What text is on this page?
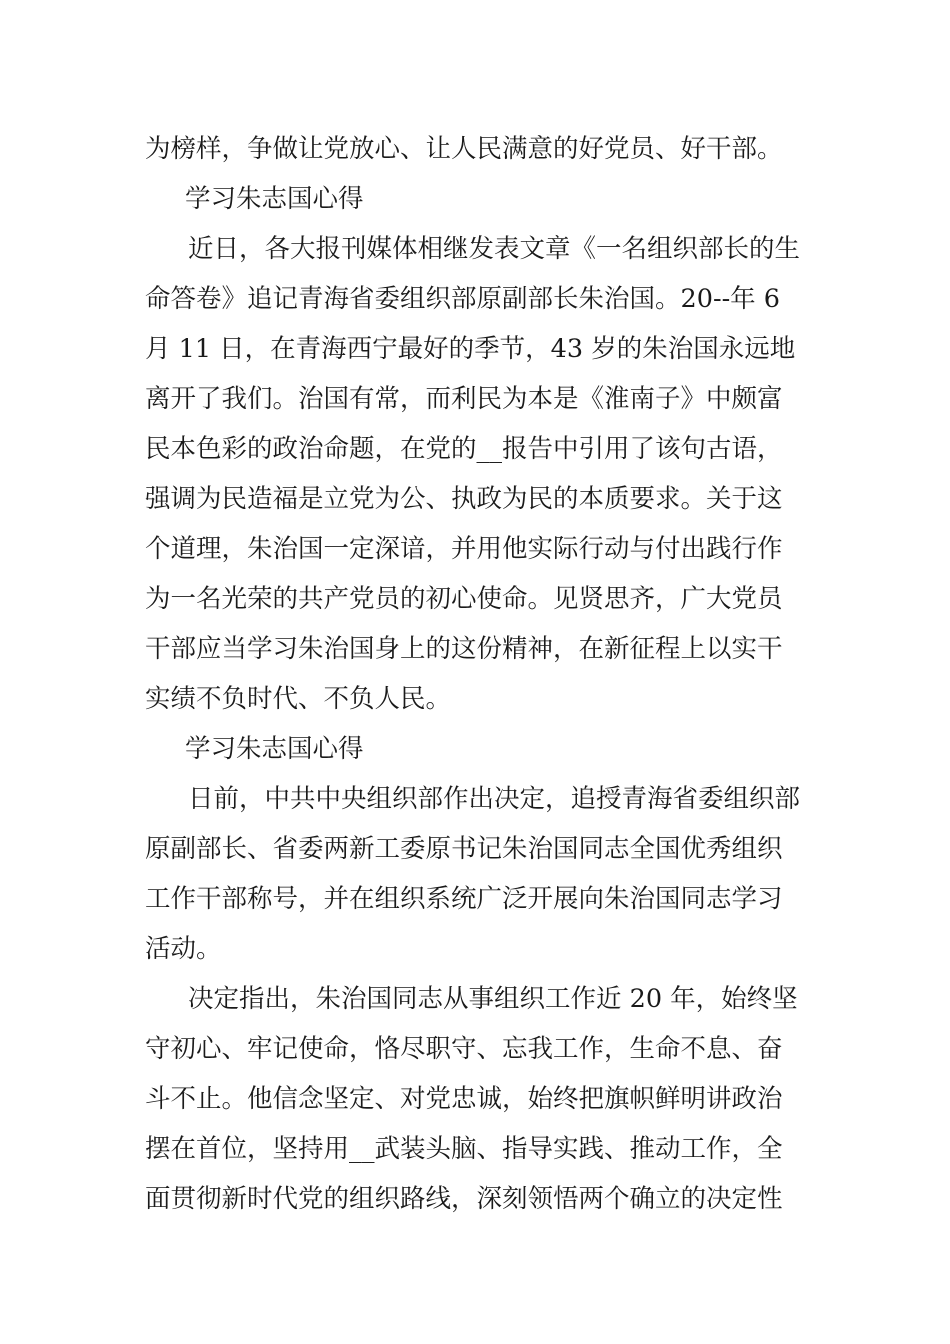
为榜样，争做让党放心、让人民满意的好党员、好干部。
学习朱志国心得
近日，各大报刊媒体相继发表文章《一名组织部长的生
命答卷》追记青海省委组织部原副部长朱治国。20--年 6
月 11 日，在青海西宁最好的季节，43 岁的朱治国永远地
离开了我们。治国有常，而利民为本是《淮南子》中颇富
民本色彩的政治命题，在党的__报告中引用了该句古语，
强调为民造福是立党为公、执政为民的本质要求。关于这
个道理，朱治国一定深谙，并用他实际行动与付出践行作
为一名光荣的共产党员的初心使命。见贤思齐，广大党员
干部应当学习朱治国身上的这份精神，在新征程上以实干
实绩不负时代、不负人民。
学习朱志国心得
日前，中共中央组织部作出决定，追授青海省委组织部
原副部长、省委两新工委原书记朱治国同志全国优秀组织
工作干部称号，并在组织系统广泛开展向朱治国同志学习
活动。
决定指出，朱治国同志从事组织工作近 20 年，始终坚
守初心、牢记使命，恪尽职守、忘我工作，生命不息、奋
斗不止。他信念坚定、对党忠诚，始终把旗帜鲜明讲政治
摆在首位，坚持用__武装头脑、指导实践、推动工作，全
面贯彻新时代党的组织路线，深刻领悟两个确立的决定性
